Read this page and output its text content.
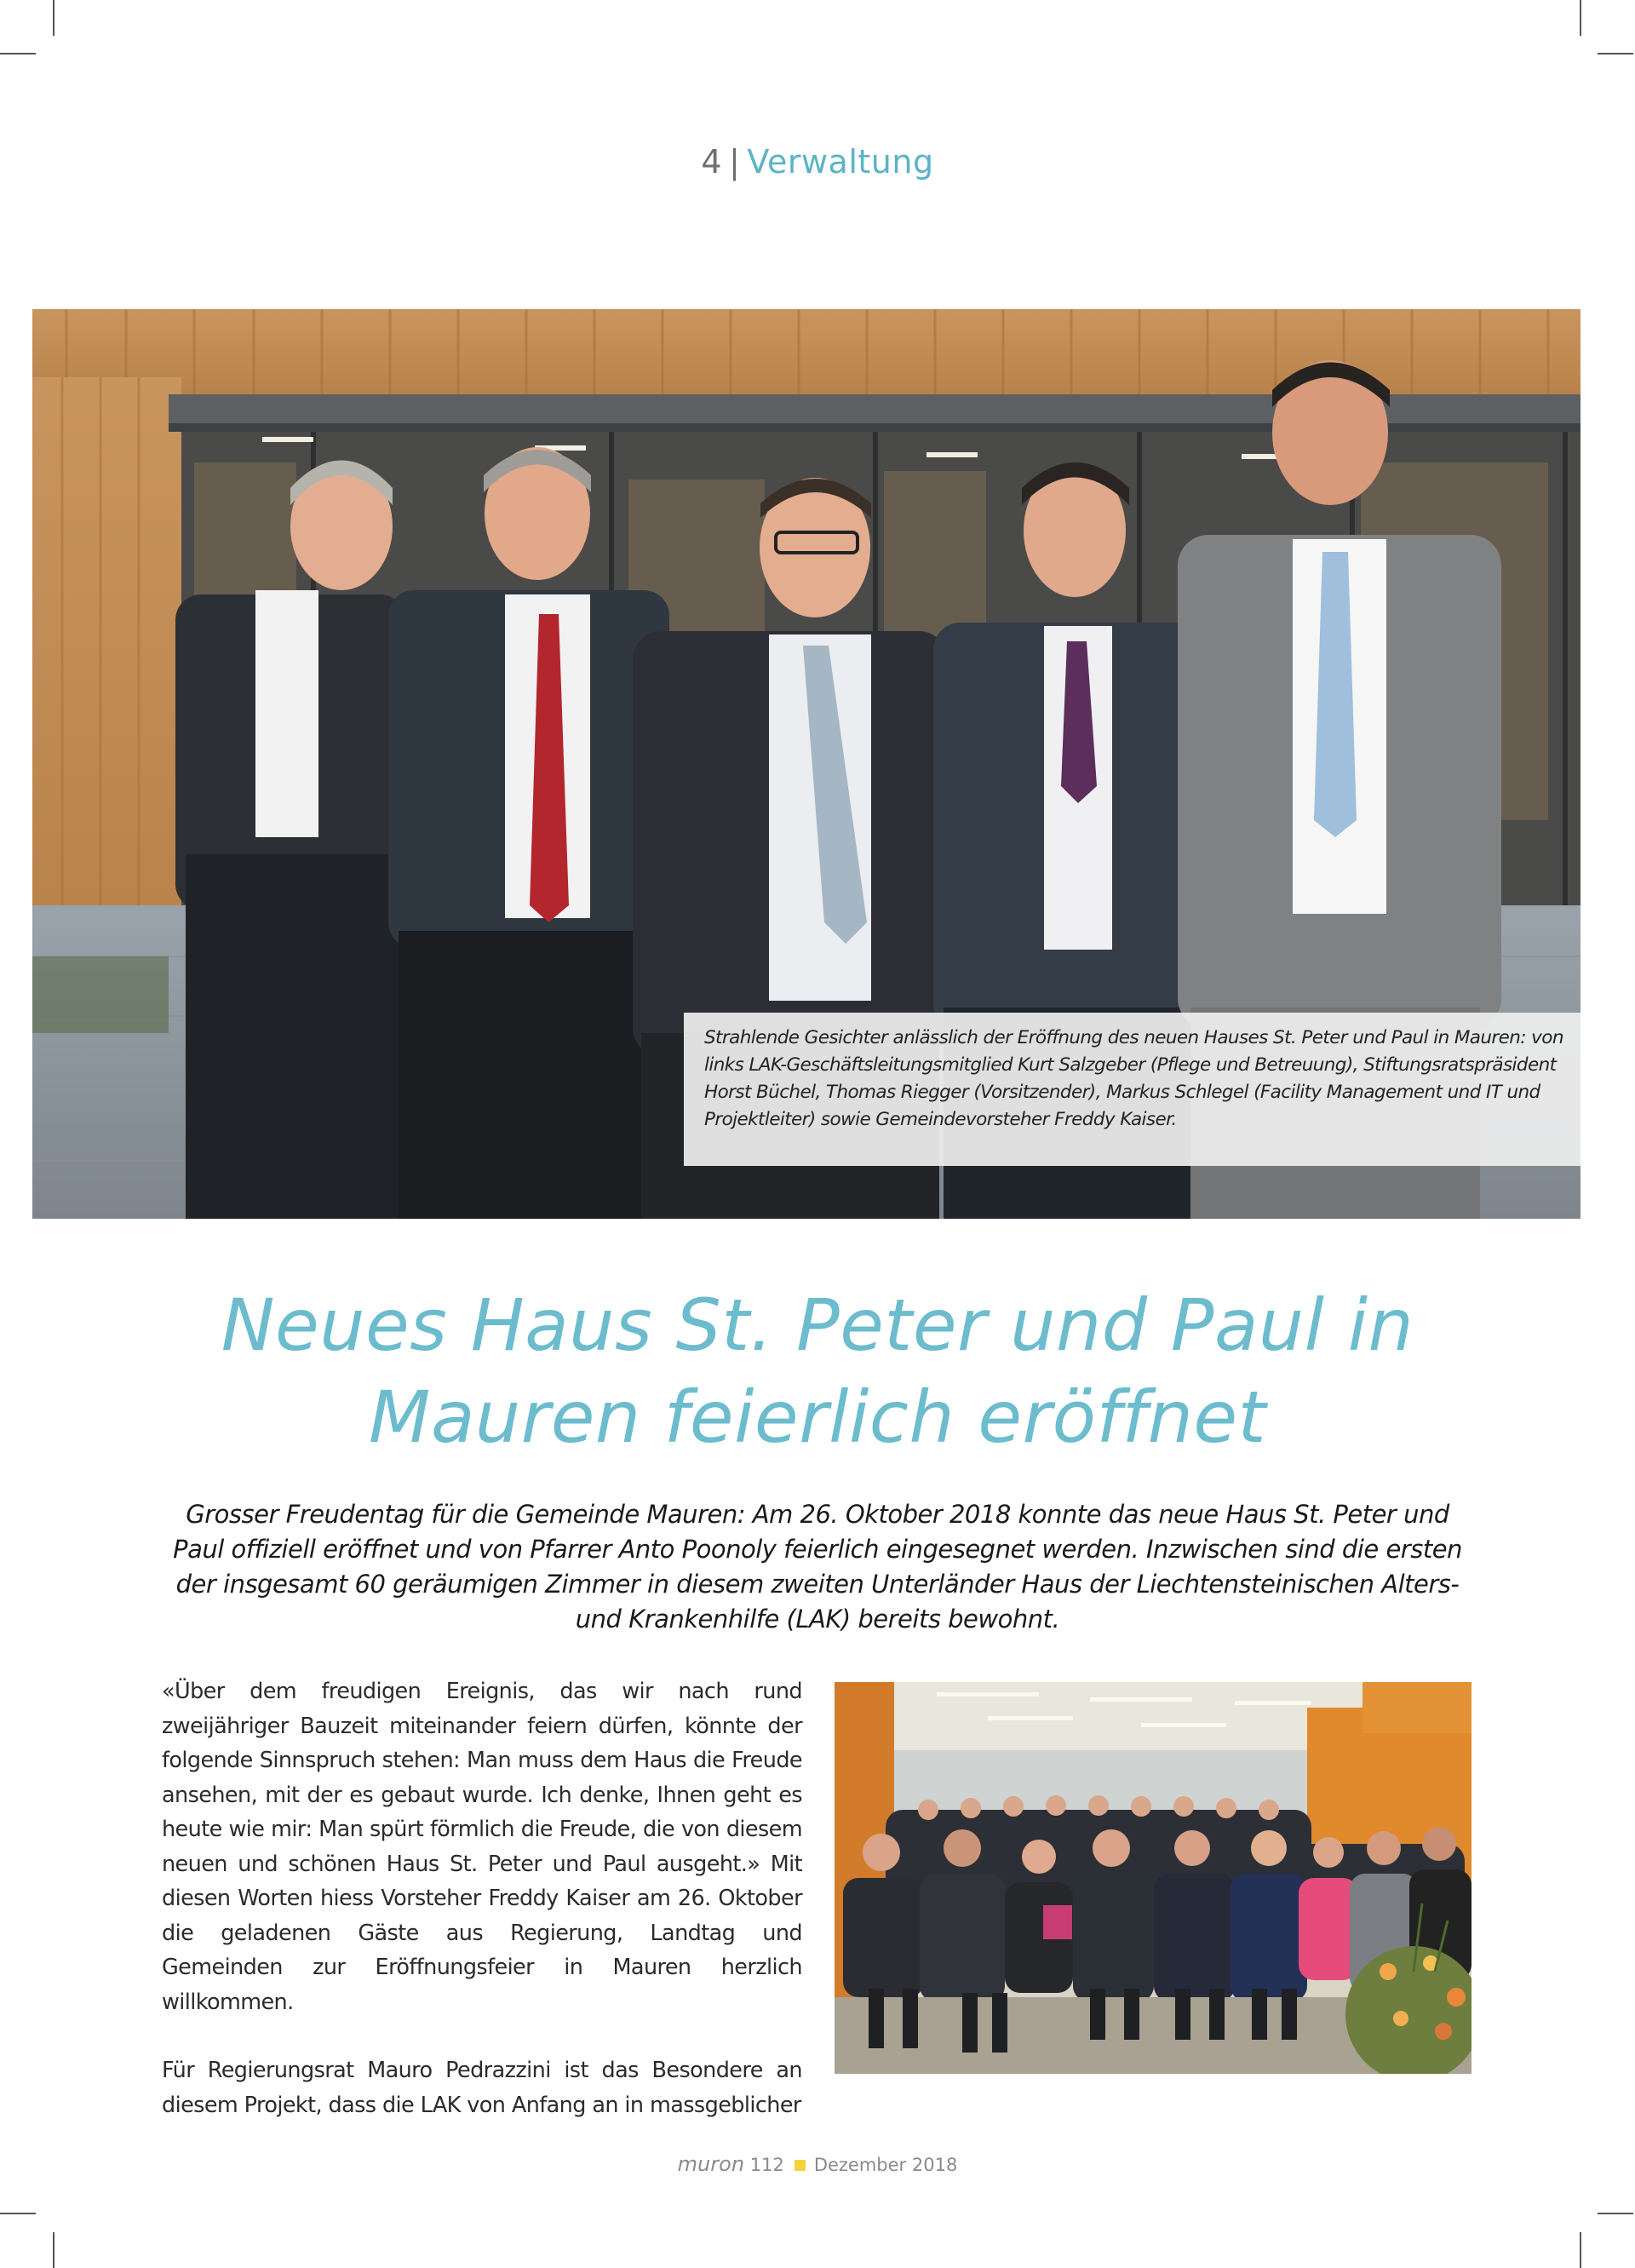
4 | Verwaltung

Strahlende Gesichter anlässlich der Eröffnung des neuen Hauses St. Peter und Paul in Mauren: von links LAK-Geschäftsleitungsmitglied Kurt Salzgeber (Pflege und Betreuung), Stiftungsratspräsident Horst Büchel, Thomas Riegger (Vorsitzender), Markus Schlegel (Facility Management und IT und Projektleiter) sowie Gemeindevorsteher Freddy Kaiser.

Neues Haus St. Peter und Paul in
Mauren feierlich eröffnet

Grosser Freudentag für die Gemeinde Mauren: Am 26. Oktober 2018 konnte das neue Haus St. Peter und Paul offiziell eröffnet und von Pfarrer Anto Poonoly feierlich eingesegnet werden. Inzwischen sind die ersten der insgesamt 60 geräumigen Zimmer in diesem zweiten Unterländer Haus der Liechtensteinischen Alters- und Krankenhilfe (LAK) bereits bewohnt.

«Über dem freudigen Ereignis, das wir nach rund zweijähriger Bauzeit miteinander feiern dürfen, könnte der folgende Sinnspruch stehen: Man muss dem Haus die Freude ansehen, mit der es gebaut wurde. Ich denke, Ihnen geht es heute wie mir: Man spürt förmlich die Freude, die von diesem neuen und schönen Haus St. Peter und Paul ausgeht.» Mit diesen Worten hiess Vorsteher Freddy Kaiser am 26. Oktober die geladenen Gäste aus Regierung, Landtag und Gemeinden zur Eröffnungsfeier in Mauren herzlich willkommen.

Für Regierungsrat Mauro Pedrazzini ist das Besondere an diesem Projekt, dass die LAK von Anfang an in massgeblicher

muron 112 Dezember 2018
